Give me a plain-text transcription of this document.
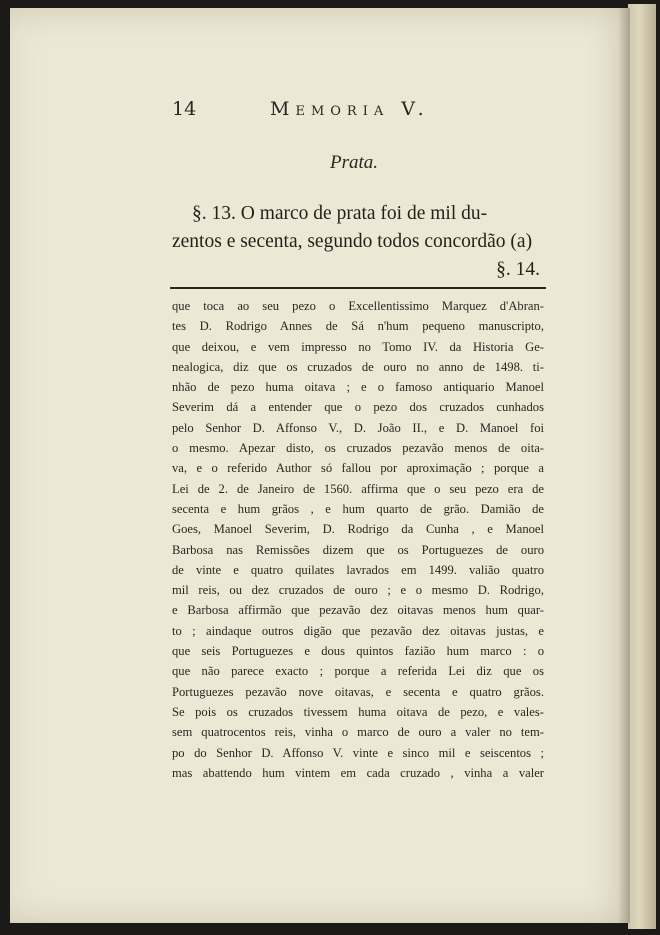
14	Memoria V.
Prata.
§. 13. O marco de prata foi de mil du-
zentos e secenta, segundo todos concordão (a)
§. 14.
que toca ao seu pezo o Excellentissimo Marquez d'Abran-
tes D. Rodrigo Annes de Sá n'hum pequeno manuscripto,
que deixou, e vem impresso no Tomo IV. da Historia Ge-
nealogica, diz que os cruzados de ouro no anno de 1498. ti-
nhão de pezo huma oitava ; e o famoso antiquario Manoel
Severim dá a entender que o pezo dos cruzados cunhados
pelo Senhor D. Affonso V., D. João II., e D. Manoel foi
o mesmo. Apezar disto, os cruzados pezavão menos de oita-
va, e o referido Author só fallou por aproximação ; porque a
Lei de 2. de Janeiro de 1560. affirma que o seu pezo era de
secenta e hum grãos , e hum quarto de grão. Damião de
Goes, Manoel Severim, D. Rodrigo da Cunha , e Manoel
Barbosa nas Remissões dizem que os Portuguezes de ouro
de vinte e quatro quilates lavrados em 1499. valião quatro
mil reis, ou dez cruzados de ouro ; e o mesmo D. Rodrigo,
e Barbosa affirmão que pezavão dez oitavas menos hum quar-
to ; aindaque outros digão que pezavão dez oitavas justas, e
que seis Portuguezes e dous quintos fazião hum marco : o
que não parece exacto ; porque a referida Lei diz que os
Portuguezes pezavão nove oitavas, e secenta e quatro grãos.
Se pois os cruzados tivessem huma oitava de pezo, e vales-
sem quatrocentos reis, vinha o marco de ouro a valer no tem-
po do Senhor D. Affonso V. vinte e sinco mil e seiscentos ;
mas abattendo hum vintem em cada cruzado , vinha a valer
